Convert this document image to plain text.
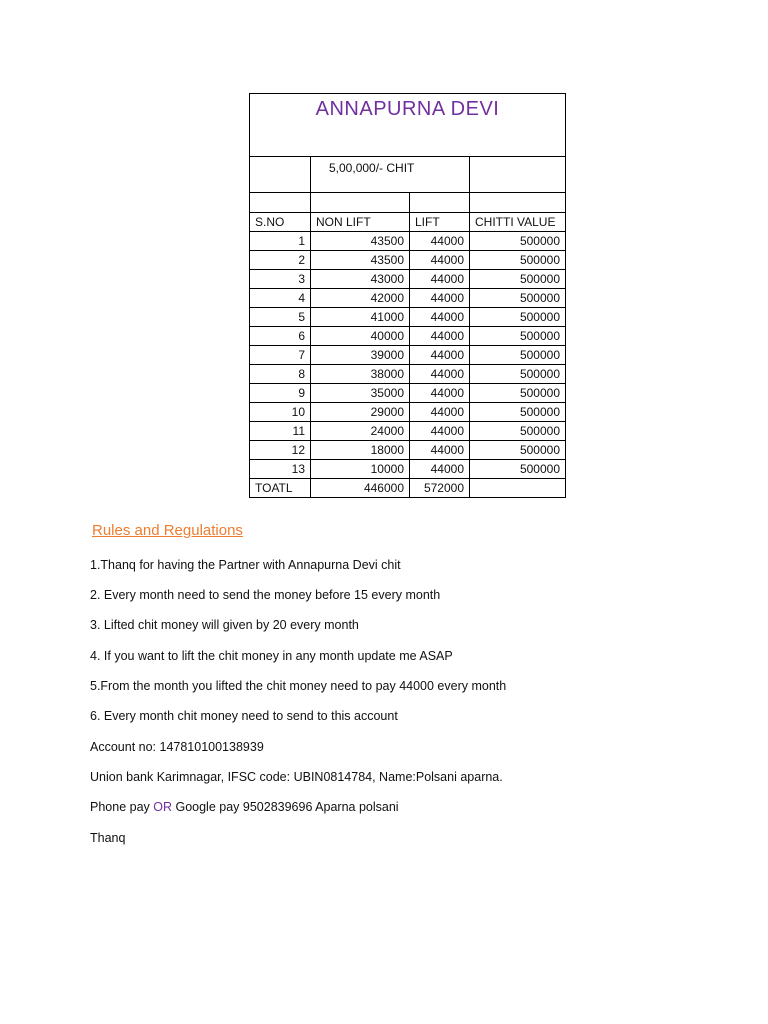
ANNAPURNA DEVI			
	5,00,000/- CHIT		

S.NO	NON LIFT	LIFT	CHITTI VALUE
1	43500	44000	500000
2	43500	44000	500000
3	43000	44000	500000
4	42000	44000	500000
5	41000	44000	500000
6	40000	44000	500000
7	39000	44000	500000
8	38000	44000	500000
9	35000	44000	500000
10	29000	44000	500000
11	24000	44000	500000
12	18000	44000	500000
13	10000	44000	500000
TOATL	446000	572000	
Rules and Regulations
1.Thanq for having the Partner with Annapurna Devi chit
2. Every month need to send the money before 15 every month
3. Lifted chit money will given by 20 every month
4. If you want to lift the chit money in any month update me ASAP
5.From the month you lifted the chit money need to pay 44000 every month
6. Every month chit money need to send to this account
Account no: 147810100138939
Union bank Karimnagar, IFSC code: UBIN0814784, Name:Polsani aparna.
Phone pay OR Google pay 9502839696 Aparna polsani
Thanq
